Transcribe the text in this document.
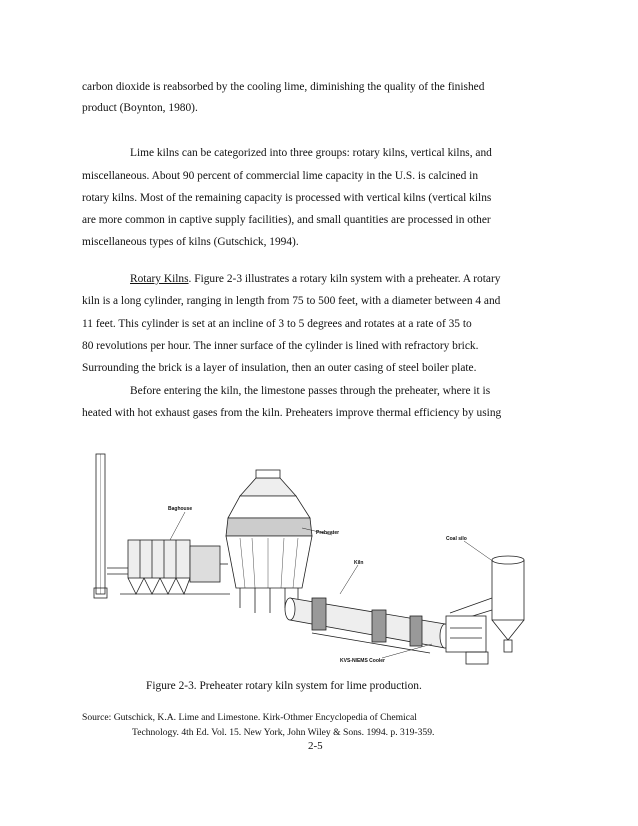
carbon dioxide is reabsorbed by the cooling lime, diminishing the quality of the finished
product (Boynton, 1980).
Lime kilns can be categorized into three groups: rotary kilns, vertical kilns, and
miscellaneous. About 90 percent of commercial lime capacity in the U.S. is calcined in
rotary kilns. Most of the remaining capacity is processed with vertical kilns (vertical kilns
are more common in captive supply facilities), and small quantities are processed in other
miscellaneous types of kilns (Gutschick, 1994).
Rotary Kilns. Figure 2-3 illustrates a rotary kiln system with a preheater. A rotary
kiln is a long cylinder, ranging in length from 75 to 500 feet, with a diameter between 4 and
11 feet. This cylinder is set at an incline of 3 to 5 degrees and rotates at a rate of 35 to
80 revolutions per hour. The inner surface of the cylinder is lined with refractory brick.
Surrounding the brick is a layer of insulation, then an outer casing of steel boiler plate.
Before entering the kiln, the limestone passes through the preheater, where it is
heated with hot exhaust gases from the kiln. Preheaters improve thermal efficiency by using
Baghouse
Preheater
Kiln
Coal silo
KVS-NIEMS Cooler
Figure 2-3. Preheater rotary kiln system for lime production.
Source: Gutschick, K.A. Lime and Limestone. Kirk-Othmer Encyclopedia of Chemical
Technology. 4th Ed. Vol. 15. New York, John Wiley & Sons. 1994. p. 319-359.
2-5
